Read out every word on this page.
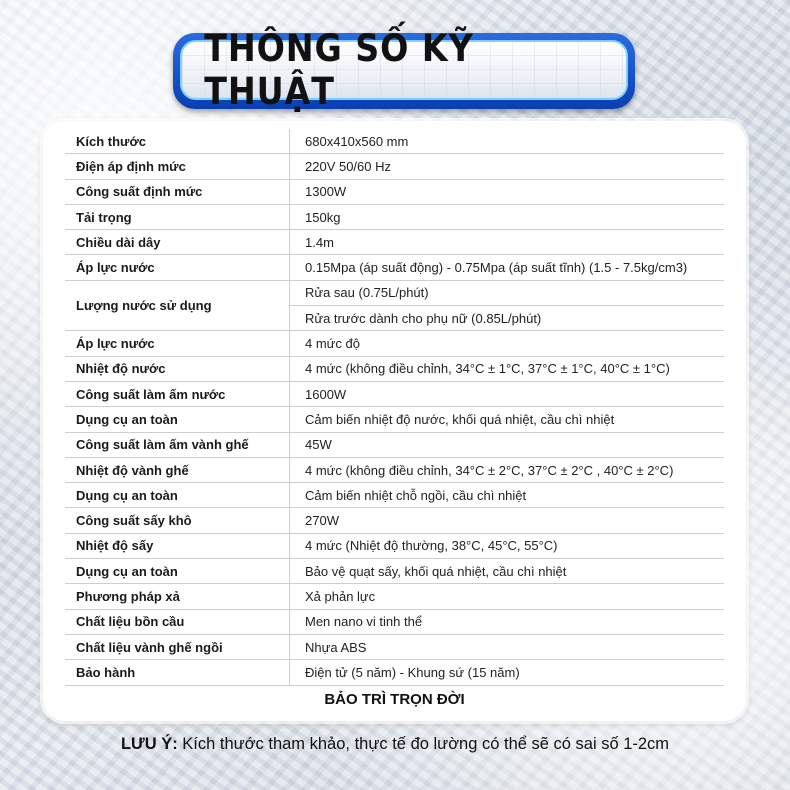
THÔNG SỐ KỸ THUẬT
Kích thước	680x410x560 mm
Điện áp định mức	220V 50/60 Hz
Công suất định mức	1300W
Tải trọng	150kg
Chiều dài dây	1.4m
Áp lực nước	0.15Mpa (áp suất động) - 0.75Mpa (áp suất tĩnh) (1.5 - 7.5kg/cm3)
Lượng nước sử dụng	Rửa sau (0.75L/phút)
	Rửa trước dành cho phụ nữ (0.85L/phút)
Áp lực nước	4 mức độ
Nhiệt độ nước	4 mức (không điều chỉnh, 34°C ± 1°C, 37°C ± 1°C, 40°C ± 1°C)
Công suất làm ấm nước	1600W
Dụng cụ an toàn	Cảm biến nhiệt độ nước, khối quá nhiệt, cầu chì nhiệt
Công suất làm ấm vành ghế	45W
Nhiệt độ vành ghế	4 mức (không điều chỉnh, 34°C ± 2°C, 37°C ± 2°C , 40°C ± 2°C)
Dụng cụ an toàn	Cảm biến nhiệt chỗ ngồi, cầu chì nhiệt
Công suất sấy khô	270W
Nhiệt độ sấy	4 mức (Nhiệt độ thường, 38°C, 45°C, 55°C)
Dụng cụ an toàn	Bảo vệ quạt sấy, khối quá nhiệt, cầu chì nhiệt
Phương pháp xả	Xả phản lực
Chất liệu bồn cầu	Men nano vi tinh thể
Chất liệu vành ghế ngồi	Nhựa ABS
Bảo hành	Điện tử (5 năm) - Khung sứ (15 năm)
BẢO TRÌ TRỌN ĐỜI
LƯU Ý: Kích thước tham khảo, thực tế đo lường có thể sẽ có sai số 1-2cm
